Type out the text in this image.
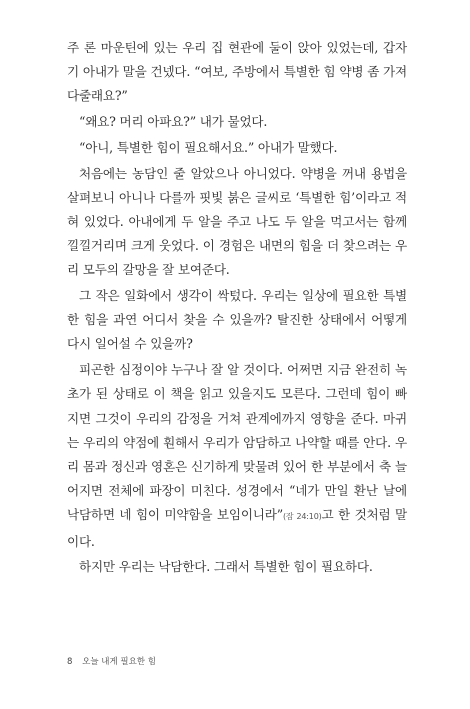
주 론 마운틴에 있는 우리 집 현관에 둘이 앉아 있었는데, 갑자기 아내가 말을 건넸다. “여보, 주방에서 특별한 힘 약병 좀 가져다줄래요?”

“왜요? 머리 아파요?” 내가 물었다.

“아니, 특별한 힘이 필요해서요.” 아내가 말했다.

처음에는 농담인 줄 알았으나 아니었다. 약병을 꺼내 용법을 살펴보니 아니나 다를까 핏빛 붉은 글씨로 ‘특별한 힘’이라고 적혀 있었다. 아내에게 두 알을 주고 나도 두 알을 먹고서는 함께 낄낄거리며 크게 웃었다. 이 경험은 내면의 힘을 더 찾으려는 우리 모두의 갈망을 잘 보여준다.

그 작은 일화에서 생각이 싹텄다. 우리는 일상에 필요한 특별한 힘을 과연 어디서 찾을 수 있을까? 탈진한 상태에서 어떻게 다시 일어설 수 있을까?

피곤한 심정이야 누구나 잘 알 것이다. 어쩌면 지금 완전히 녹초가 된 상태로 이 책을 읽고 있을지도 모른다. 그런데 힘이 빠지면 그것이 우리의 감정을 거쳐 관계에까지 영향을 준다. 마귀는 우리의 약점에 훤해서 우리가 암담하고 나약할 때를 안다. 우리 몸과 정신과 영혼은 신기하게 맞물려 있어 한 부분에서 축 늘어지면 전체에 파장이 미친다. 성경에서 “네가 만일 환난 날에 낙담하면 네 힘이 미약함을 보임이니라”(잠 24:10)고 한 것처럼 말이다.

하지만 우리는 낙담한다. 그래서 특별한 힘이 필요하다.

8 오늘 내게 필요한 힘
